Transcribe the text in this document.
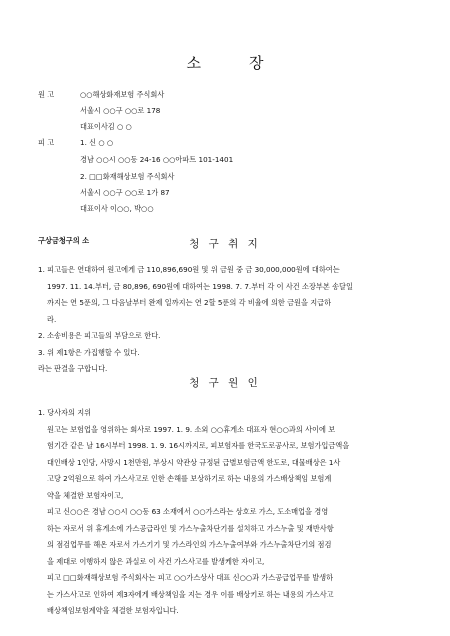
소	장
원 고	○○해상화재보험 주식회사
서울시 ○○구 ○○로 178
대표이사김 ○ ○
피 고	1. 신 ○ ○
경남 ○○시 ○○동 24-16 ○○아파트 101-1401
2. □□화재해상보험 주식회사
서울시 ○○구 ○○로 1가 87
대표이사 이○○, 박○○
구상금청구의 소	청 구 취 지
1. 피고들은 연대하여 원고에게 금 110,896,690원 및 위 금원 중 금 30,000,000원에 대하여는
1997. 11. 14.부터, 금 80,896, 690원에 대하여는 1998. 7. 7.부터 각 이 사건 소장부본 송달일
까지는 연 5푼의, 그 다음날부터 완제 일까지는 연 2할 5푼의 각 비율에 의한 금원을 지급하
라.
2. 소송비용은 피고들의 부담으로 한다.
3. 위 제1항은 가집행할 수 있다.
라는 판결을 구합니다.
청 구 원 인
1. 당사자의 지위
원고는 보험업을 영위하는 회사로 1997. 1. 9. 소외 ○○휴게소 대표자 현○○과의 사이에 보
험기간 같은 날 16시부터 1998. 1. 9. 16시까지로, 피보험자를 한국도로공사로, 보험가입금액을
대인배상 1인당, 사망시 1천만원, 부상시 약관상 규정된 급별보험금액 한도로, 대물배상은 1사
고당 2억원으로 하여 가스사고로 인한 손해를 보상하기로 하는 내용의 가스배상책임 보험계
약을 체결한 보험자이고,
피고 신○○은 경남 ○○시 ○○동 63 소재에서 ○○가스라는 상호로 가스, 도소매업을 경영
하는 자로서 위 휴게소에 가스공급라인 및 가스누출차단기를 설치하고 가스누출 및 재반사항
의 점검업무를 해온 자로서 가스기기 및 가스라인의 가스누출여부와 가스누출차단기의 점검
을 제대로 이행하지 않은 과실로 이 사건 가스사고를 발생케한 자이고,
피고 □□화재해상보험 주식회사는 피고 ○○가스상사 대표 신○○과 가스공급업무를 발생하
는 가스사고로 인하여 제3자에게 배상책임을 지는 경우 이를 배상키로 하는 내용의 가스사고
배상책임보험계약을 체결한 보험자입니다.
